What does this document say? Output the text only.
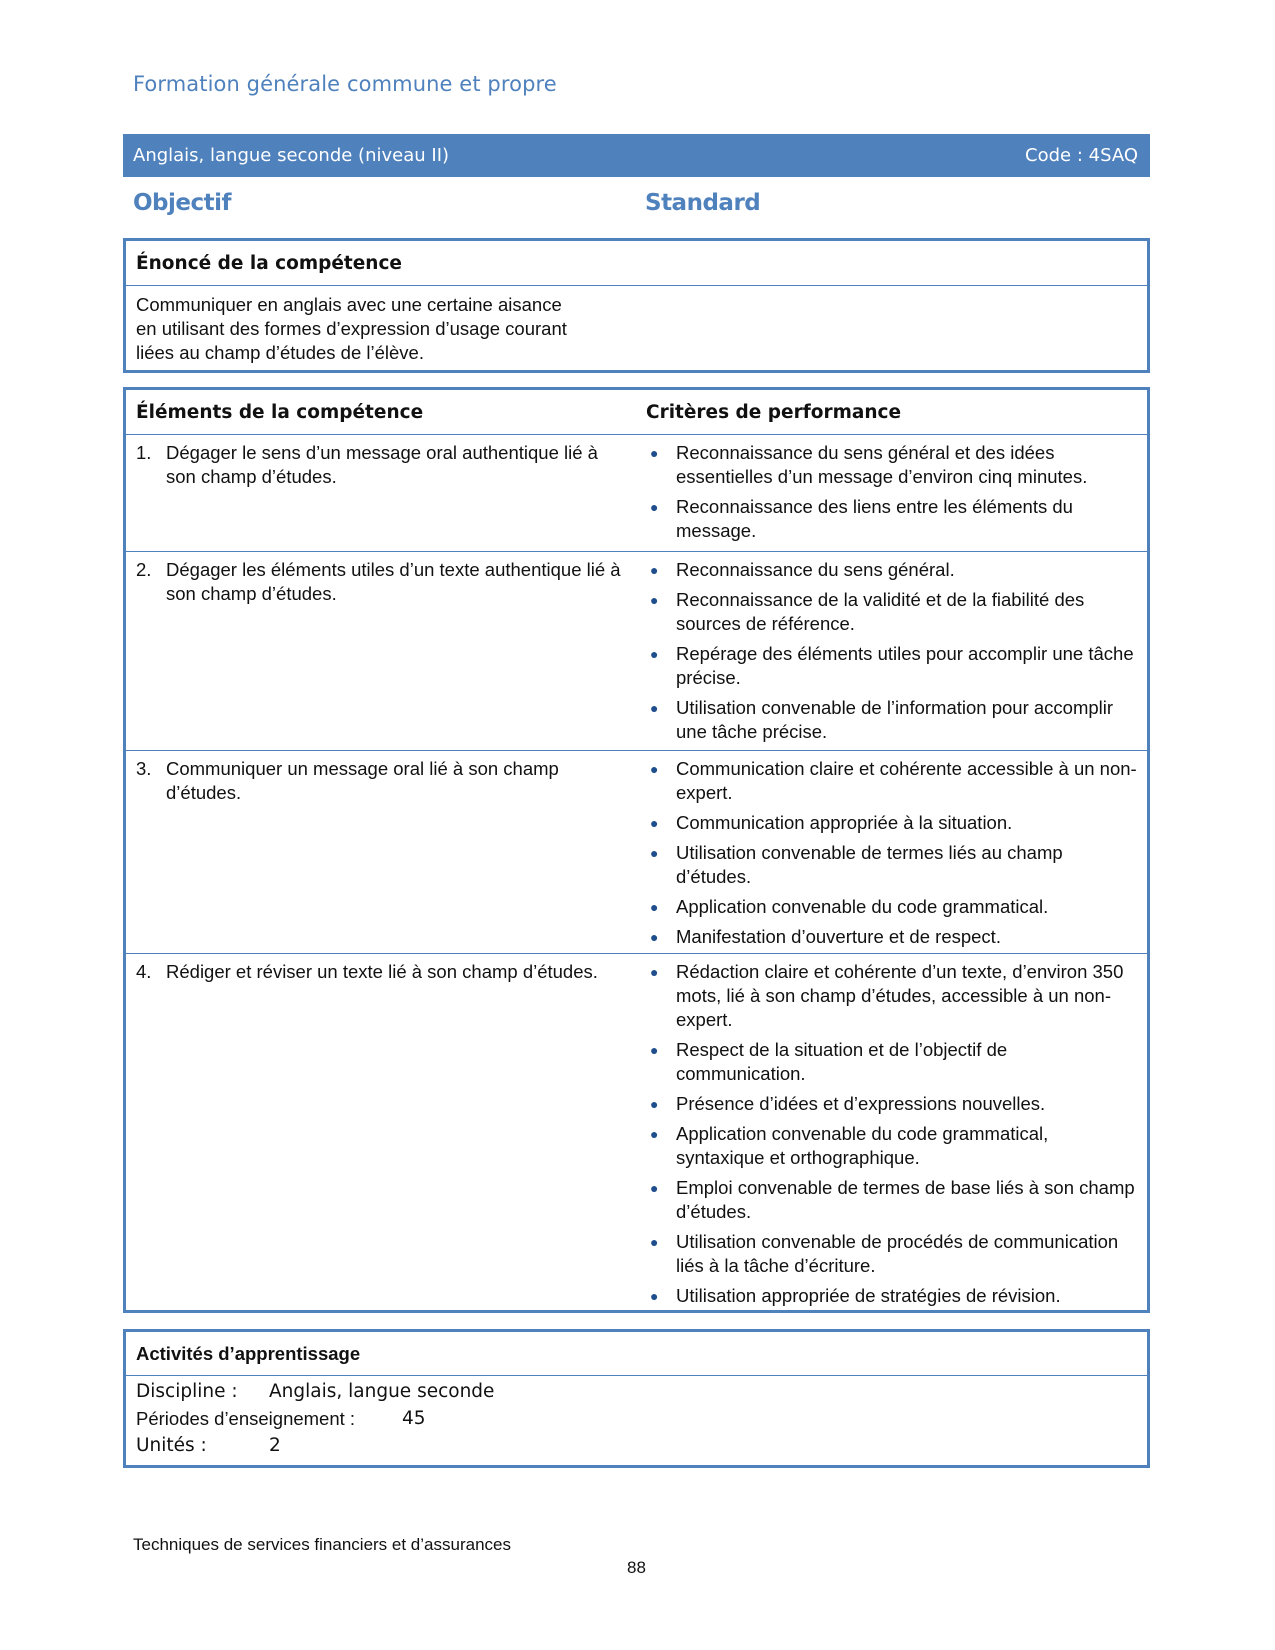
Formation générale commune et propre
Anglais, langue seconde (niveau II)	Code : 4SAQ
Objectif	Standard
Énoncé de la compétence
Communiquer en anglais avec une certaine aisance
en utilisant des formes d’expression d’usage courant
liées au champ d’études de l’élève.
Éléments de la compétence	Critères de performance
1. Dégager le sens d’un message oral authentique lié à son champ d’études.
● Reconnaissance du sens général et des idées essentielles d’un message d’environ cinq minutes.
● Reconnaissance des liens entre les éléments du message.
2. Dégager les éléments utiles d’un texte authentique lié à son champ d’études.
● Reconnaissance du sens général.
● Reconnaissance de la validité et de la fiabilité des sources de référence.
● Repérage des éléments utiles pour accomplir une tâche précise.
● Utilisation convenable de l’information pour accomplir une tâche précise.
3. Communiquer un message oral lié à son champ d’études.
● Communication claire et cohérente accessible à un non-expert.
● Communication appropriée à la situation.
● Utilisation convenable de termes liés au champ d’études.
● Application convenable du code grammatical.
● Manifestation d’ouverture et de respect.
4. Rédiger et réviser un texte lié à son champ d’études.	● Rédaction claire et cohérente d’un texte, d’environ 350 mots, lié à son champ d’études, accessible à un non-expert.
● Respect de la situation et de l’objectif de communication.
● Présence d’idées et d’expressions nouvelles.
● Application convenable du code grammatical, syntaxique et orthographique.
● Emploi convenable de termes de base liés à son champ d’études.
● Utilisation convenable de procédés de communication liés à la tâche d’écriture.
● Utilisation appropriée de stratégies de révision.
Activités d’apprentissage
Discipline :	Anglais, langue seconde
Périodes d’enseignement :	45
Unités :	2
Techniques de services financiers et d’assurances
88
